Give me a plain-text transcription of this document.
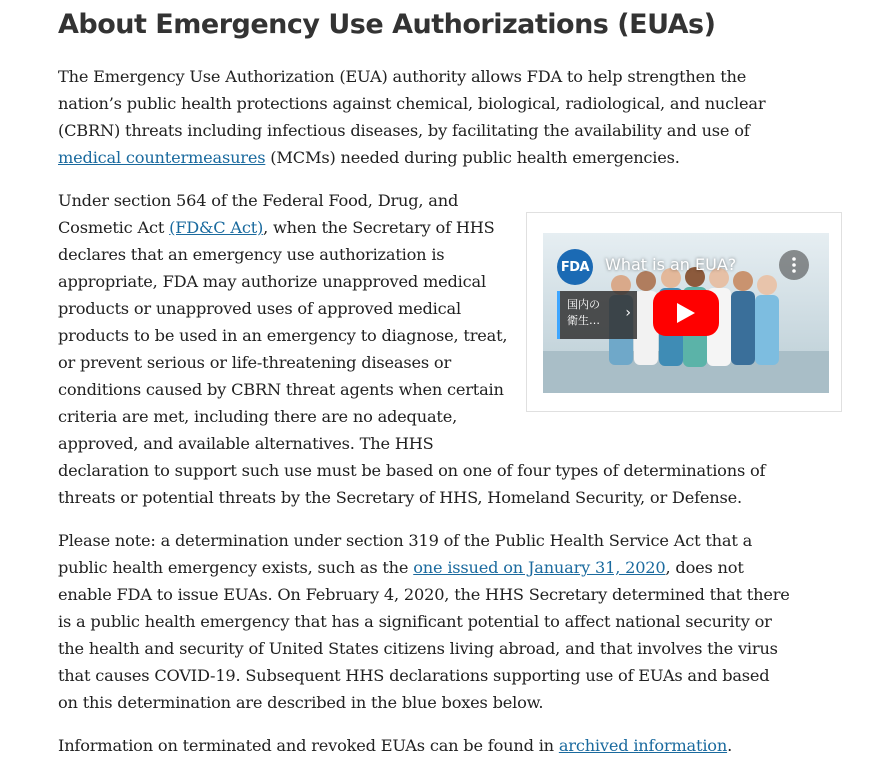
About Emergency Use Authorizations (EUAs)

The Emergency Use Authorization (EUA) authority allows FDA to help strengthen the
nation’s public health protections against chemical, biological, radiological, and nuclear
(CBRN) threats including infectious diseases, by facilitating the availability and use of
medical countermeasures (MCMs) needed during public health emergencies.

Under section 564 of the Federal Food, Drug, and
Cosmetic Act (FD&C Act), when the Secretary of HHS
declares that an emergency use authorization is
appropriate, FDA may authorize unapproved medical
products or unapproved uses of approved medical
products to be used in an emergency to diagnose, treat,
or prevent serious or life-threatening diseases or
conditions caused by CBRN threat agents when certain
criteria are met, including there are no adequate,
approved, and available alternatives. The HHS
declaration to support such use must be based on one of four types of determinations of
threats or potential threats by the Secretary of HHS, Homeland Security, or Defense.

Please note: a determination under section 319 of the Public Health Service Act that a
public health emergency exists, such as the one issued on January 31, 2020, does not
enable FDA to issue EUAs. On February 4, 2020, the HHS Secretary determined that there
is a public health emergency that has a significant potential to affect national security or
the health and security of United States citizens living abroad, and that involves the virus
that causes COVID-19. Subsequent HHS declarations supporting use of EUAs and based
on this determination are described in the blue boxes below.

Information on terminated and revoked EUAs can be found in archived information.

FDA What is an EUA?
国内の
衛生…	›
